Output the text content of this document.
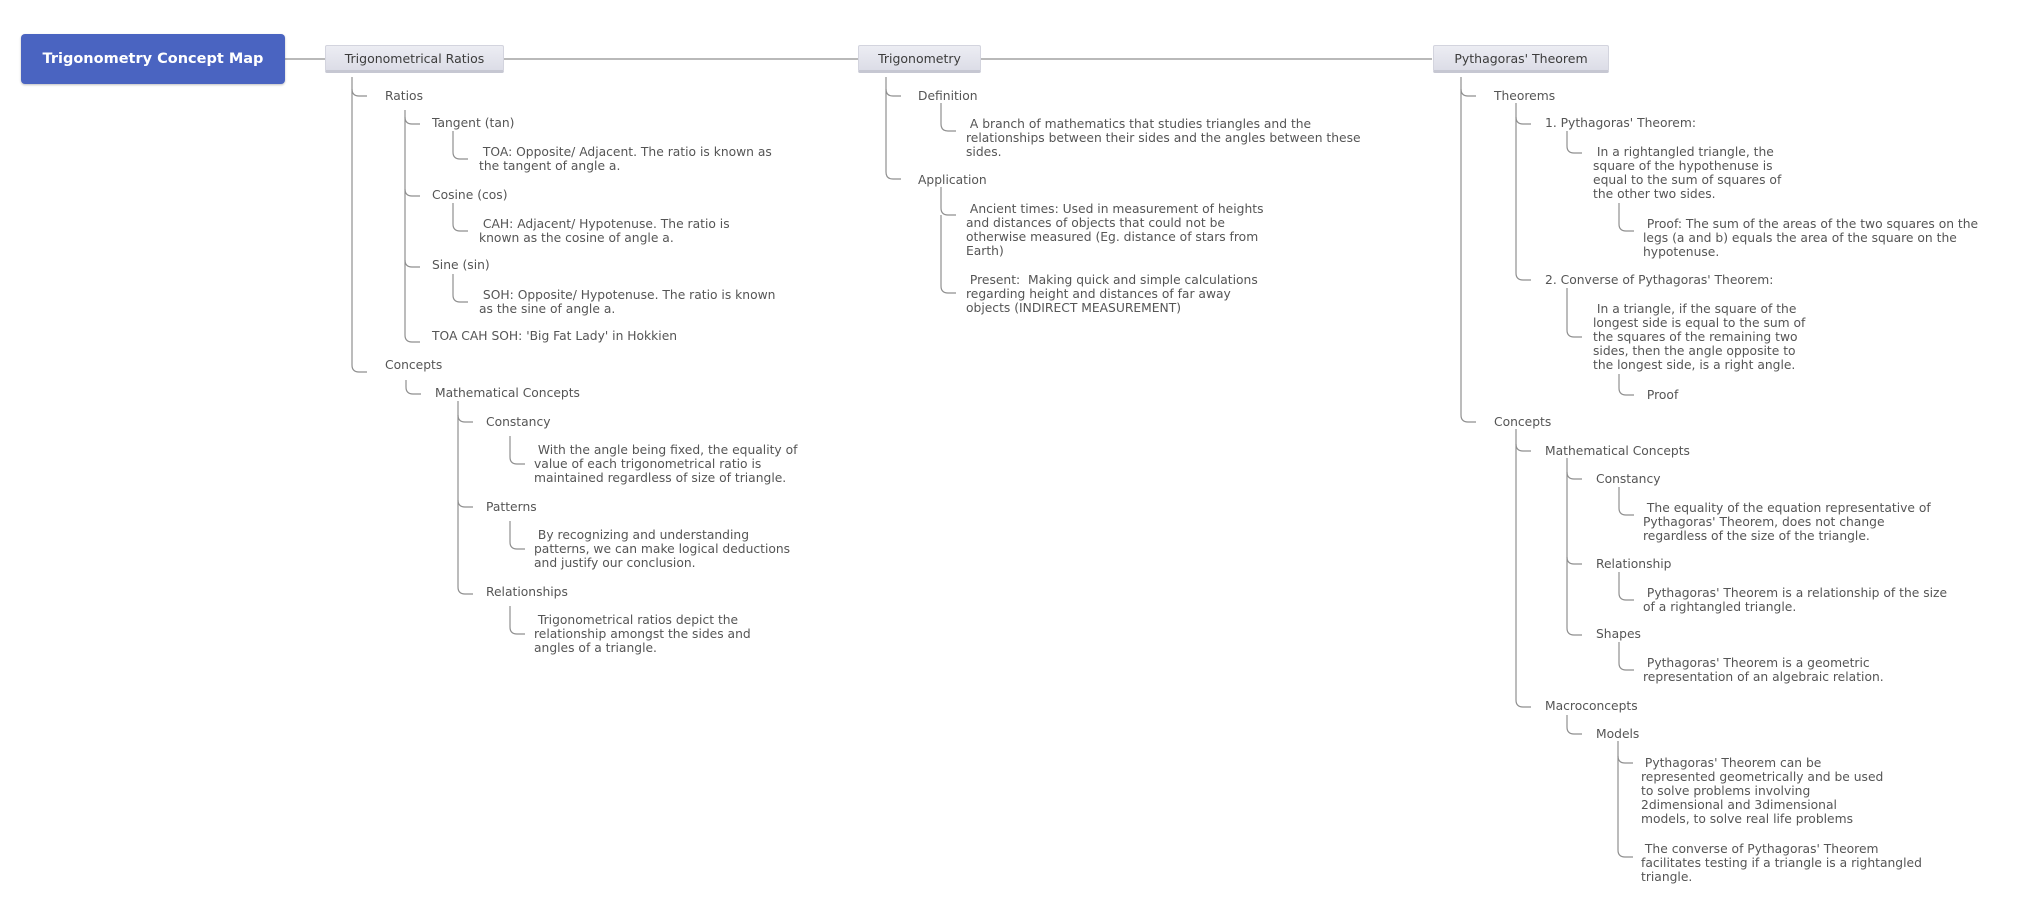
Trigonometry Concept Map	Trigonometrical Ratios	Trigonometry	Pythagoras' Theorem
Ratios
Tangent (tan)
TOA: Opposite/ Adjacent. The ratio is known as
the tangent of angle a.
Cosine (cos)
CAH: Adjacent/ Hypotenuse. The ratio is
known as the cosine of angle a.
Sine (sin)
SOH: Opposite/ Hypotenuse. The ratio is known
as the sine of angle a.
TOA CAH SOH: 'Big Fat Lady' in Hokkien
Concepts
Mathematical Concepts
Constancy
With the angle being fixed, the equality of
value of each trigonometrical ratio is
maintained regardless of size of triangle.
Patterns
By recognizing and understanding
patterns, we can make logical deductions
and justify our conclusion.
Relationships
Trigonometrical ratios depict the
relationship amongst the sides and
angles of a triangle.
Definition
A branch of mathematics that studies triangles and the
relationships between their sides and the angles between these
sides.
Application
Ancient times: Used in measurement of heights
and distances of objects that could not be
otherwise measured (Eg. distance of stars from
Earth)
Present:  Making quick and simple calculations
regarding height and distances of far away
objects (INDIRECT MEASUREMENT)
Theorems
1. Pythagoras' Theorem:
In a rightangled triangle, the
square of the hypothenuse is
equal to the sum of squares of
the other two sides.
Proof: The sum of the areas of the two squares on the
legs (a and b) equals the area of the square on the
hypotenuse.
2. Converse of Pythagoras' Theorem:
In a triangle, if the square of the
longest side is equal to the sum of
the squares of the remaining two
sides, then the angle opposite to
the longest side, is a right angle.
Proof
Concepts
Mathematical Concepts
Constancy
The equality of the equation representative of
Pythagoras' Theorem, does not change
regardless of the size of the triangle.
Relationship
Pythagoras' Theorem is a relationship of the size
of a rightangled triangle.
Shapes
Pythagoras' Theorem is a geometric
representation of an algebraic relation.
Macroconcepts
Models
Pythagoras' Theorem can be
represented geometrically and be used
to solve problems involving
2dimensional and 3dimensional
models, to solve real life problems
The converse of Pythagoras' Theorem
facilitates testing if a triangle is a rightangled
triangle.
